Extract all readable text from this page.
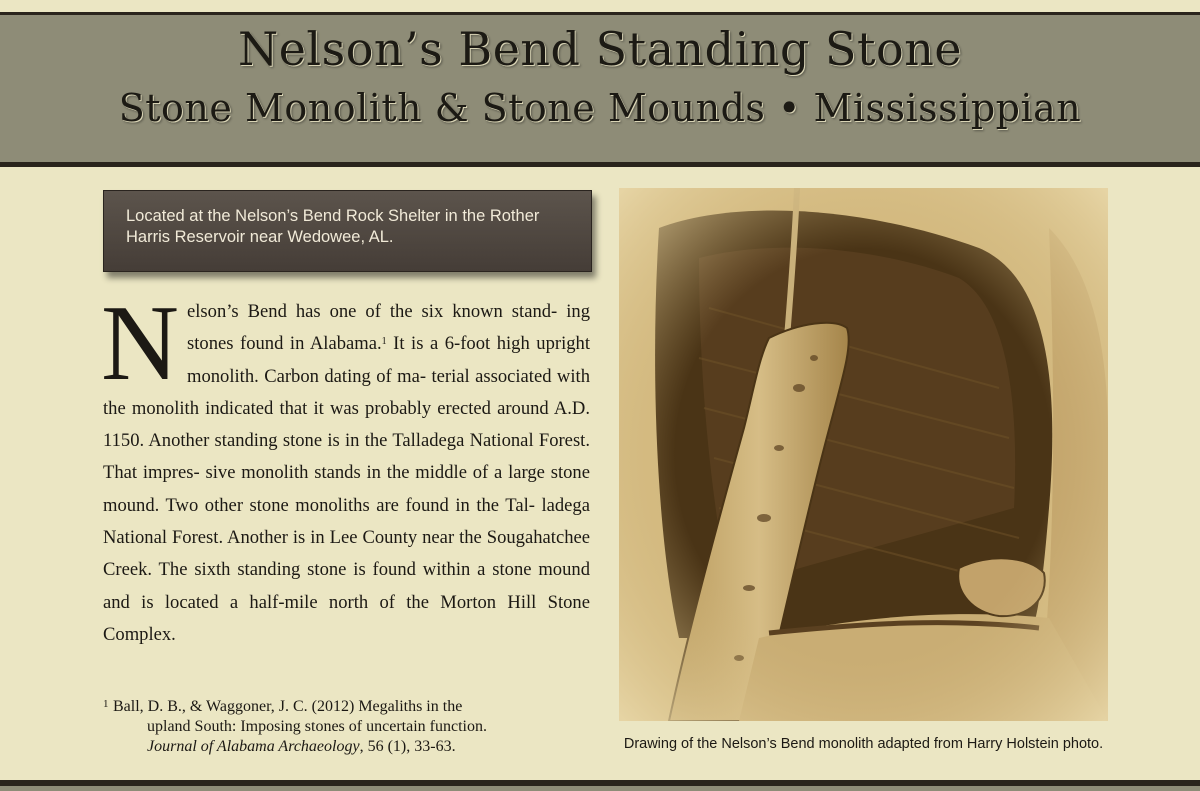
Nelson’s Bend Standing Stone
Stone Monolith & Stone Mounds • Mississippian
Located at the Nelson’s Bend Rock Shelter in the Rother
Harris Reservoir near Wedowee, AL.
N elson’s Bend has one of the six known stand- ing stones found in Alabama.$^1$ It is a 6-foot high upright monolith. Carbon dating of ma- terial associated with the monolith indicated that it was probably erected around A.D. 1150. Another standing stone is in the Talladega National Forest. That impres- sive monolith stands in the middle of a large stone mound. Two other stone monoliths are found in the Tal- ladega National Forest. Another is in Lee County near the Sougahatchee Creek. The sixth standing stone is found within a stone mound and is located a half-mile north of the Morton Hill Stone Complex.
1 Ball, D. B., & Waggoner, J. C. (2012) Megaliths in the
upland South: Imposing stones of uncertain function.
Journal of Alabama Archaeology, 56 (1), 33-63.	Drawing of the Nelson’s Bend monolith adapted from Harry Holstein photo.
